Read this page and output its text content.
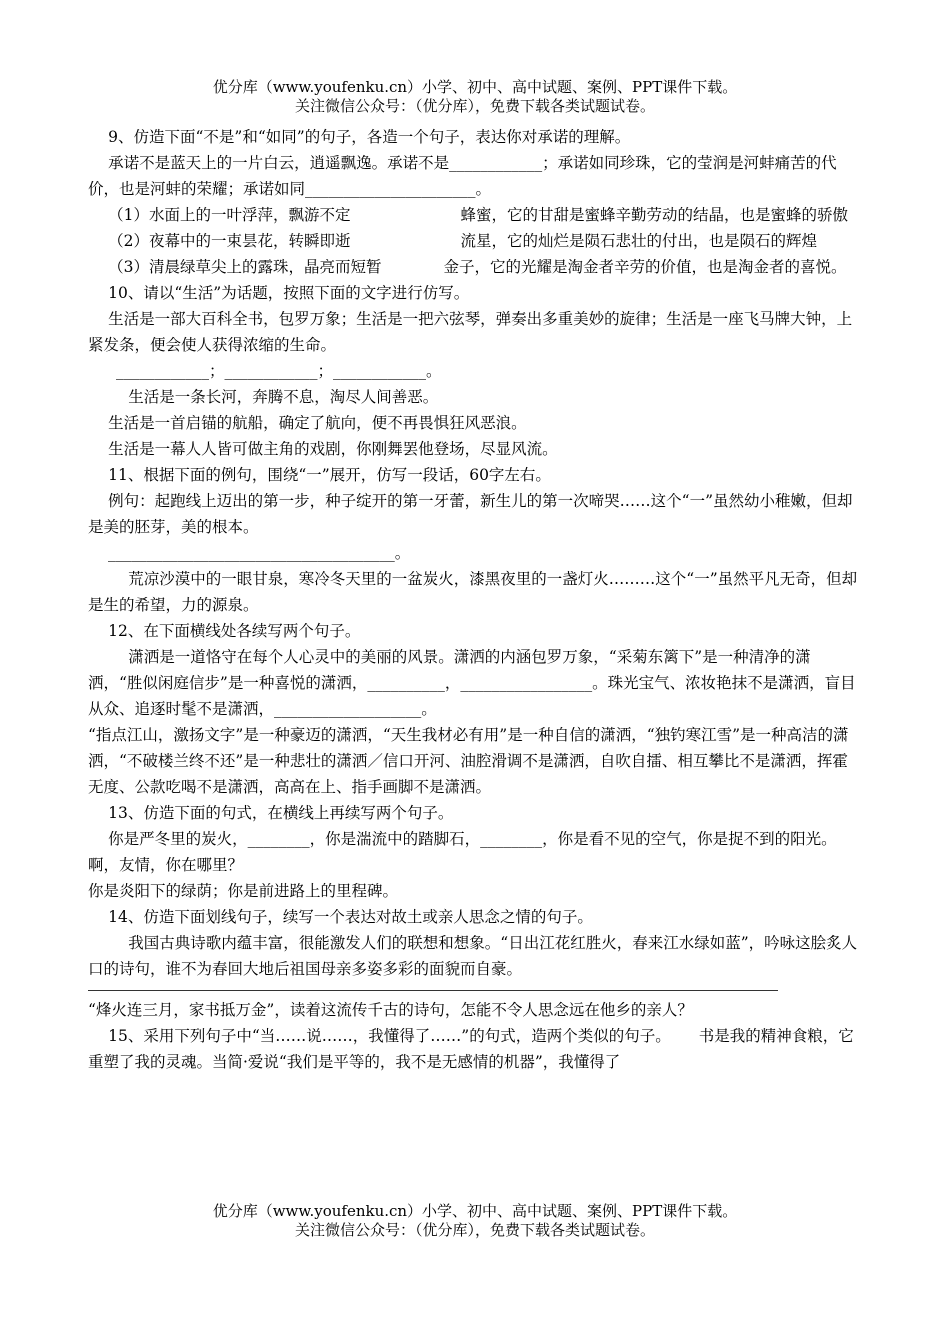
优分库（www.youfenku.cn）小学、初中、高中试题、案例、PPT课件下载。
关注微信公众号：（优分库），免费下载各类试题试卷。

9、仿造下面“不是”和“如同”的句子，各造一个句子，表达你对承诺的理解。

承诺不是蓝天上的一片白云，逍遥飘逸。承诺不是____________；承诺如同珍珠，它的莹润是河蚌痛苦的代价，也是河蚌的荣耀；承诺如同______________________。

（1）水面上的一叶浮萍，飘游不定	蜂蜜，它的甘甜是蜜蜂辛勤劳动的结晶，也是蜜蜂的骄傲

（2）夜幕中的一束昙花，转瞬即逝	流星，它的灿烂是陨石悲壮的付出，也是陨石的辉煌

（3）清晨绿草尖上的露珠，晶亮而短暂	金子，它的光耀是淘金者辛劳的价值，也是淘金者的喜悦。

10、请以“生活”为话题，按照下面的文字进行仿写。

生活是一部大百科全书，包罗万象；生活是一把六弦琴，弹奏出多重美妙的旋律；生活是一座飞马牌大钟，上紧发条，便会使人获得浓缩的生命。

____________；____________；____________。

生活是一条长河，奔腾不息，淘尽人间善恶。

生活是一首启锚的航船，确定了航向，便不再畏惧狂风恶浪。

生活是一幕人人皆可做主角的戏剧，你刚舞罢他登场，尽显风流。

11、根据下面的例句，围绕“一”展开，仿写一段话，60字左右。

例句：起跑线上迈出的第一步，种子绽开的第一牙蕾，新生儿的第一次啼哭……这个“一”虽然幼小稚嫩，但却是美的胚芽，美的根本。

_____________________________________。

荒凉沙漠中的一眼甘泉，寒冷冬天里的一盆炭火，漆黑夜里的一盏灯火………这个“一”虽然平凡无奇，但却是生的希望，力的源泉。

12、在下面横线处各续写两个句子。

潇洒是一道恪守在每个人心灵中的美丽的风景。潇洒的内涵包罗万象，“采菊东篱下”是一种清净的潇洒，“胜似闲庭信步”是一种喜悦的潇洒，__________，_________________。珠光宝气、浓妆艳抹不是潇洒，盲目从众、追逐时髦不是潇洒，___________________。

“指点江山，激扬文字”是一种豪迈的潇洒，“天生我材必有用”是一种自信的潇洒，“独钓寒江雪”是一种高洁的潇洒，“不破楼兰终不还”是一种悲壮的潇洒／信口开河、油腔滑调不是潇洒，自吹自擂、相互攀比不是潇洒，挥霍无度、公款吃喝不是潇洒，高高在上、指手画脚不是潇洒。

13、仿造下面的句式，在横线上再续写两个句子。

你是严冬里的炭火，________，你是湍流中的踏脚石，________，你是看不见的空气，你是捉不到的阳光。啊，友情，你在哪里？

你是炎阳下的绿荫；你是前进路上的里程碑。

14、仿造下面划线句子，续写一个表达对故土或亲人思念之情的句子。

我国古典诗歌内蕴丰富，很能激发人们的联想和想象。“日出江花红胜火，春来江水绿如蓝”，吟咏这脍炙人口的诗句，谁不为春回大地后祖国母亲多姿多彩的面貌而自豪。

“烽火连三月，家书抵万金”，读着这流传千古的诗句，怎能不令人思念远在他乡的亲人？

15、采用下列句子中“当……说……，我懂得了……”的句式，造两个类似的句子。 书是我的精神食粮，它重塑了我的灵魂。当简·爱说“我们是平等的，我不是无感情的机器”，我懂得了

优分库（www.youfenku.cn）小学、初中、高中试题、案例、PPT课件下载。
关注微信公众号：（优分库），免费下载各类试题试卷。
